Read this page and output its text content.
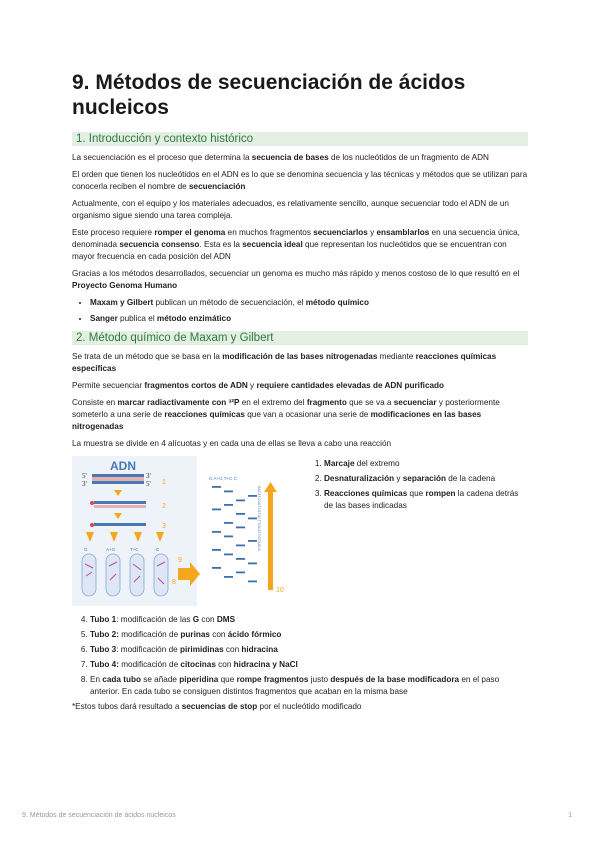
9. Métodos de secuenciación de ácidos nucleicos
1. Introducción y contexto histórico

La secuenciación es el proceso que determina la secuencia de bases de los nucleótidos de un fragmento de ADN

El orden que tienen los nucleótidos en el ADN es lo que se denomina secuencia y las técnicas y métodos que se utilizan para conocerla reciben el nombre de secuenciación

Actualmente, con el equipo y los materiales adecuados, es relativamente sencillo, aunque secuenciar todo el ADN de un organismo sigue siendo una tarea compleja.

Este proceso requiere romper el genoma en muchos fragmentos secuenciarlos y ensamblarlos en una secuencia única, denominada secuencia consenso. Esta es la secuencia ideal que representan los nucleótidos que se encuentran con mayor frecuencia en cada posición del ADN

Gracias a los métodos desarrollados, secuenciar un genoma es mucho más rápido y menos costoso de lo que resultó en el Proyecto Genoma Humano

• Maxam y Gilbert publican un método de secuenciación, el método químico
• Sanger publica el método enzimático
2. Método químico de Maxam y Gilbert

Se trata de un método que se basa en la modificación de las bases nitrogenadas mediante reacciones químicas específicas

Permite secuenciar fragmentos cortos de ADN y requiere cantidades elevadas de ADN purificado

Consiste en marcar radiactivamente con ³²P en el extremo del fragmento que se va a secuenciar y posteriormente someterlo a una serie de reacciones químicas que van a ocasionar una serie de modificaciones en las bases nitrogenadas

La muestra se divide en 4 alícuotas y en cada una de ellas se lleva a cabo una reacción

ADN
5'
3'
3'
5' 1
2
3
G	A+G	T+C	C
8
9
G A+G T+C C
GACATCGATCGTACTTGCATCGTAGCA
10
1. Marcaje del extremo
2. Desnaturalización y separación de la cadena
3. Reacciones químicas que rompen la cadena detrás de las bases indicadas
4. Tubo 1: modificación de las G con DMS
5. Tubo 2: modificación de purinas con ácido fórmico
6. Tubo 3: modificación de pirimidinas con hidracina
7. Tubo 4: modificación de citocinas con hidracina y NaCl
8. En cada tubo se añade piperidina que rompe fragmentos justo después de la base modificadora en el paso anterior. En cada tubo se consiguen distintos fragmentos que acaban en la misma base

*Estos tubos dará resultado a secuencias de stop por el nucleótido modificado

9. Métodos de secuenciación de ácidos nucleicos	1
